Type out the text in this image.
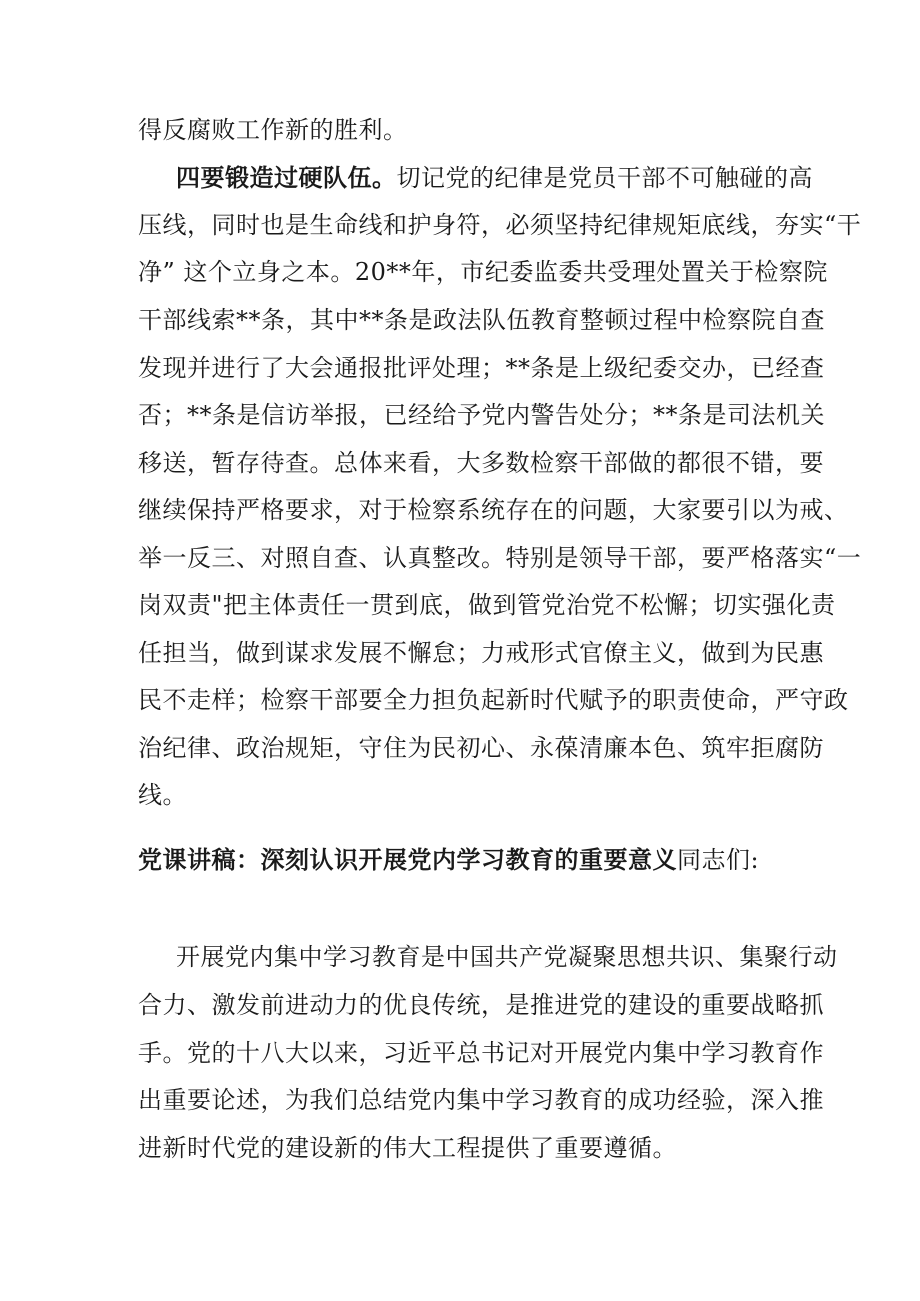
得反腐败工作新的胜利。
四要锻造过硬队伍。切记党的纪律是党员干部不可触碰的高
压线，同时也是生命线和护身符，必须坚持纪律规矩底线，夯实“干
净” 这个立身之本。20**年，市纪委监委共受理处置关于检察院
干部线索**条，其中**条是政法队伍教育整顿过程中检察院自查
发现并进行了大会通报批评处理；**条是上级纪委交办，已经查
否；**条是信访举报，已经给予党内警告处分；**条是司法机关
移送，暂存待查。总体来看，大多数检察干部做的都很不错，要
继续保持严格要求，对于检察系统存在的问题，大家要引以为戒、
举一反三、对照自查、认真整改。特别是领导干部，要严格落实“一
岗双责"把主体责任一贯到底，做到管党治党不松懈；切实强化责
任担当，做到谋求发展不懈怠；力戒形式官僚主义，做到为民惠
民不走样；检察干部要全力担负起新时代赋予的职责使命，严守政
治纪律、政治规矩，守住为民初心、永葆清廉本色、筑牢拒腐防
线。
党课讲稿：深刻认识开展党内学习教育的重要意义同志们:
开展党内集中学习教育是中国共产党凝聚思想共识、集聚行动
合力、激发前进动力的优良传统，是推进党的建设的重要战略抓
手。党的十八大以来，习近平总书记对开展党内集中学习教育作
出重要论述，为我们总结党内集中学习教育的成功经验，深入推
进新时代党的建设新的伟大工程提供了重要遵循。
